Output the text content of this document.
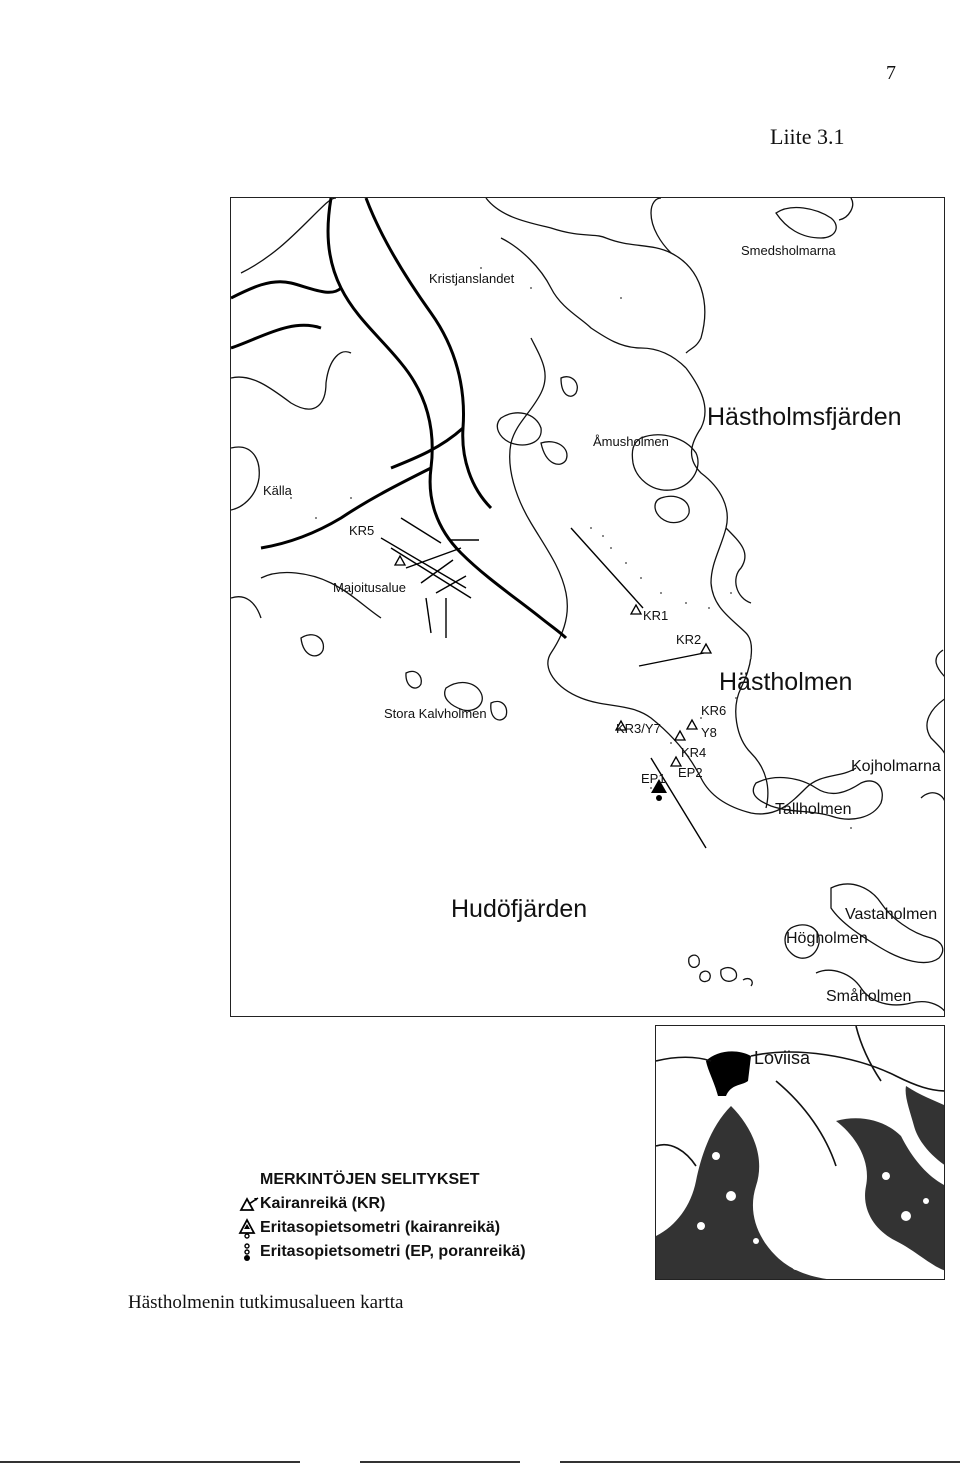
7
Liite 3.1
Smedsholmarna
Kristjanslandet
Hästholmsfjärden
Åmusholmen
Källa
KR5
Majoitusalue
KR1
KR2
Hästholmen
Stora Kalvholmen	KR6
KR3/Y7	Y8
KR4
EP2
EP1
Kojholmarna
Tallholmen
Hudöfjärden	Vastaholmen
Högholmen
Småholmen
Loviisa
MERKINTÖJEN SELITYKSET
Kairanreikä (KR)
Eritasopietsometri (kairanreikä)
Eritasopietsometri (EP, poranreikä)
Hästholmenin tutkimusalueen kartta
